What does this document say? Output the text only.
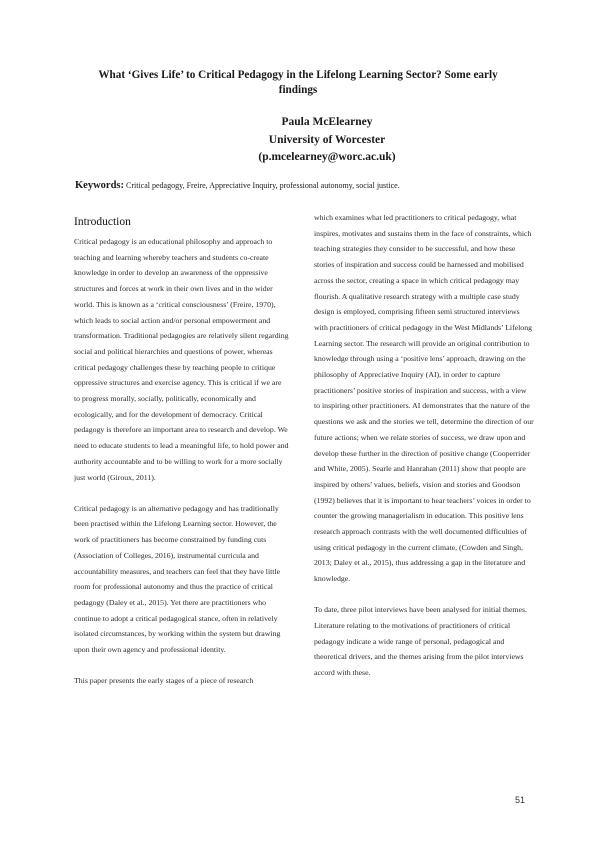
What ‘Gives Life’ to Critical Pedagogy in the Lifelong Learning Sector? Some early findings
Paula McElearney
University of Worcester
(p.mcelearney@worc.ac.uk)
Keywords: Critical pedagogy, Freire, Appreciative Inquiry, professional autonomy, social justice.
Introduction

Critical pedagogy is an educational philosophy and approach to teaching and learning whereby teachers and students co-create knowledge in order to develop an awareness of the oppressive structures and forces at work in their own lives and in the wider world. This is known as a ‘critical consciousness’ (Freire, 1970), which leads to social action and/or personal empowerment and transformation. Traditional pedagogies are relatively silent regarding social and political hierarchies and questions of power, whereas critical pedagogy challenges these by teaching people to critique oppressive structures and exercise agency. This is critical if we are to progress morally, socially, politically, economically and ecologically, and for the development of democracy. Critical pedagogy is therefore an important area to research and develop. We need to educate students to lead a meaningful life, to hold power and authority accountable and to be willing to work for a more socially just world (Giroux, 2011).

Critical pedagogy is an alternative pedagogy and has traditionally been practised within the Lifelong Learning sector. However, the work of practitioners has become constrained by funding cuts (Association of Colleges, 2016), instrumental curricula and accountability measures, and teachers can feel that they have little room for professional autonomy and thus the practice of critical pedagogy (Daley et al., 2015). Yet there are practitioners who continue to adopt a critical pedagogical stance, often in relatively isolated circumstances, by working within the system but drawing upon their own agency and professional identity.

This paper presents the early stages of a piece of research

which examines what led practitioners to critical pedagogy, what inspires, motivates and sustains them in the face of constraints, which teaching strategies they consider to be successful, and how these stories of inspiration and success could be harnessed and mobilised across the sector, creating a space in which critical pedagogy may flourish. A qualitative research strategy with a multiple case study design is employed, comprising fifteen semi structured interviews with practitioners of critical pedagogy in the West Midlands’ Lifelong Learning sector. The research will provide an original contribution to knowledge through using a ‘positive lens’ approach, drawing on the philosophy of Appreciative Inquiry (AI), in order to capture practitioners’ positive stories of inspiration and success, with a view to inspiring other practitioners. AI demonstrates that the nature of the questions we ask and the stories we tell, determine the direction of our future actions; when we relate stories of success, we draw upon and develop these further in the direction of positive change (Cooperrider and White, 2005). Searle and Hanrahan (2011) show that people are inspired by others’ values, beliefs, vision and stories and Goodson (1992) believes that it is important to hear teachers’ voices in order to counter the growing managerialism in education. This positive lens research approach contrasts with the well documented difficulties of using critical pedagogy in the current climate, (Cowden and Singh, 2013; Daley et al., 2015), thus addressing a gap in the literature and knowledge.

To date, three pilot interviews have been analysed for initial themes. Literature relating to the motivations of practitioners of critical pedagogy indicate a wide range of personal, pedagogical and theoretical drivers, and the themes arising from the pilot interviews accord with these.

51
